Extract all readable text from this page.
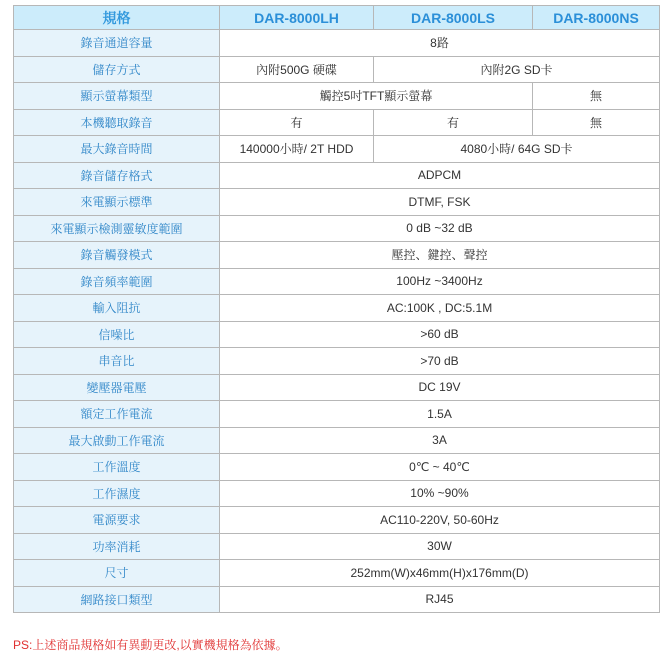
規格	DAR-8000LH	DAR-8000LS	DAR-8000NS
錄音通道容量	8路		
儲存方式	內附500G 硬碟	內附2G SD卡	
顯示螢幕類型	觸控5吋TFT顯示螢幕		無
本機聽取錄音	有	有	無
最大錄音時間	140000小時/ 2T HDD	4080小時/ 64G SD卡	
錄音儲存格式	ADPCM		
來電顯示標準	DTMF, FSK		
來電顯示檢測靈敏度範圍	0 dB ~32 dB		
錄音觸發模式	壓控、鍵控、聲控		
錄音頻率範圍	100Hz ~3400Hz		
輸入阻抗	AC:100K , DC:5.1M		
信噪比	>60 dB		
串音比	>70 dB		
變壓器電壓	DC 19V		
額定工作電流	1.5A		
最大啟動工作電流	3A		
工作溫度	0℃ ~ 40℃		
工作濕度	10% ~90%		
電源要求	AC110-220V, 50-60Hz		
功率消耗	30W		
尺寸	252mm(W)x46mm(H)x176mm(D)		
網路接口類型	RJ45		
PS:上述商品規格如有異動更改,以實機規格為依據。
